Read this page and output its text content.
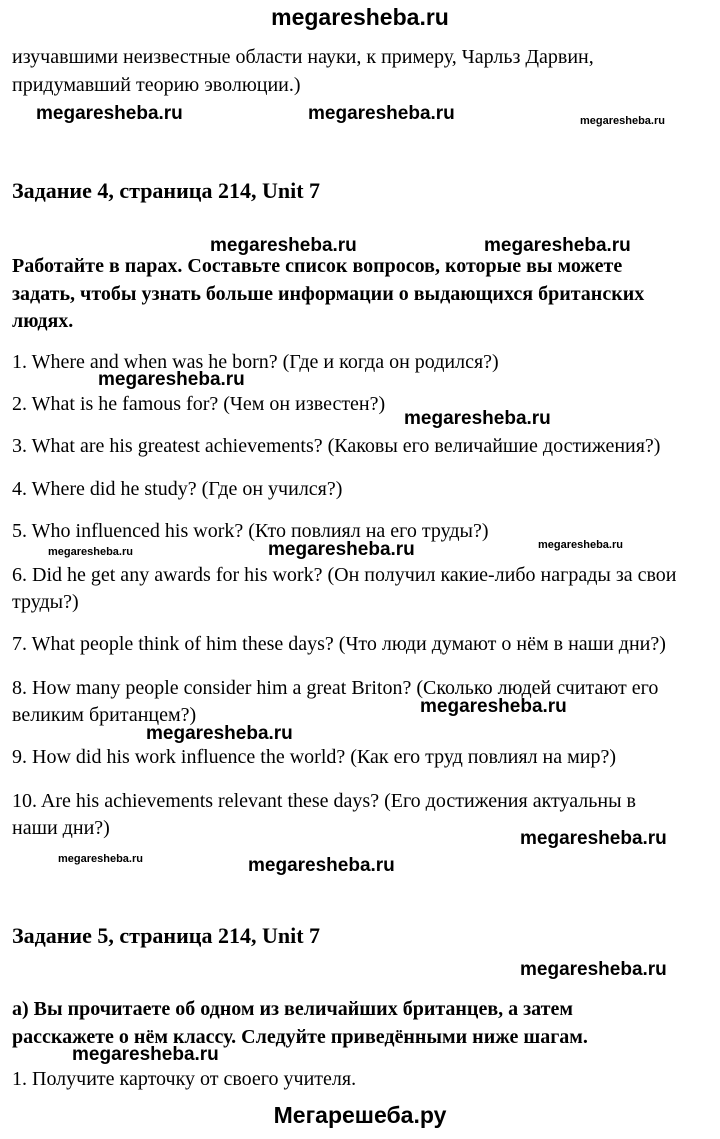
megaresheba.ru
изучавшими неизвестные области науки, к примеру, Чарльз Дарвин,
придумавший теорию эволюции.)
megaresheba.ru	megaresheba.ru	megaresheba.ru
Задание 4, страница 214, Unit 7
megaresheba.ru	megaresheba.ru
Работайте в парах. Составьте список вопросов, которые вы можете
задать, чтобы узнать больше информации о выдающихся британских
людях.
1. Where and when was he born? (Где и когда он родился?)
megaresheba.ru
2. What is he famous for? (Чем он известен?)
megaresheba.ru
3. What are his greatest achievements? (Каковы его величайшие достижения?)
4. Where did he study? (Где он учился?)
5. Who influenced his work? (Кто повлиял на его труды?)
megaresheba.ru	megaresheba.ru	megaresheba.ru
6. Did he get any awards for his work? (Он получил какие-либо награды за свои
труды?)
7. What people think of him these days? (Что люди думают о нём в наши дни?)
8. How many people consider him a great Briton? (Сколько людей считают его
великим британцем?)	megaresheba.ru
megaresheba.ru
9. How did his work influence the world? (Как его труд повлиял на мир?)
10. Are his achievements relevant these days? (Его достижения актуальны в
наши дни?)	megaresheba.ru
megaresheba.ru	megaresheba.ru
Задание 5, страница 214, Unit 7
megaresheba.ru
а) Вы прочитаете об одном из величайших британцев, а затем
расскажете о нём классу. Следуйте приведёнными ниже шагам.
megaresheba.ru
1. Получите карточку от своего учителя.
Мегарешеба.ру
